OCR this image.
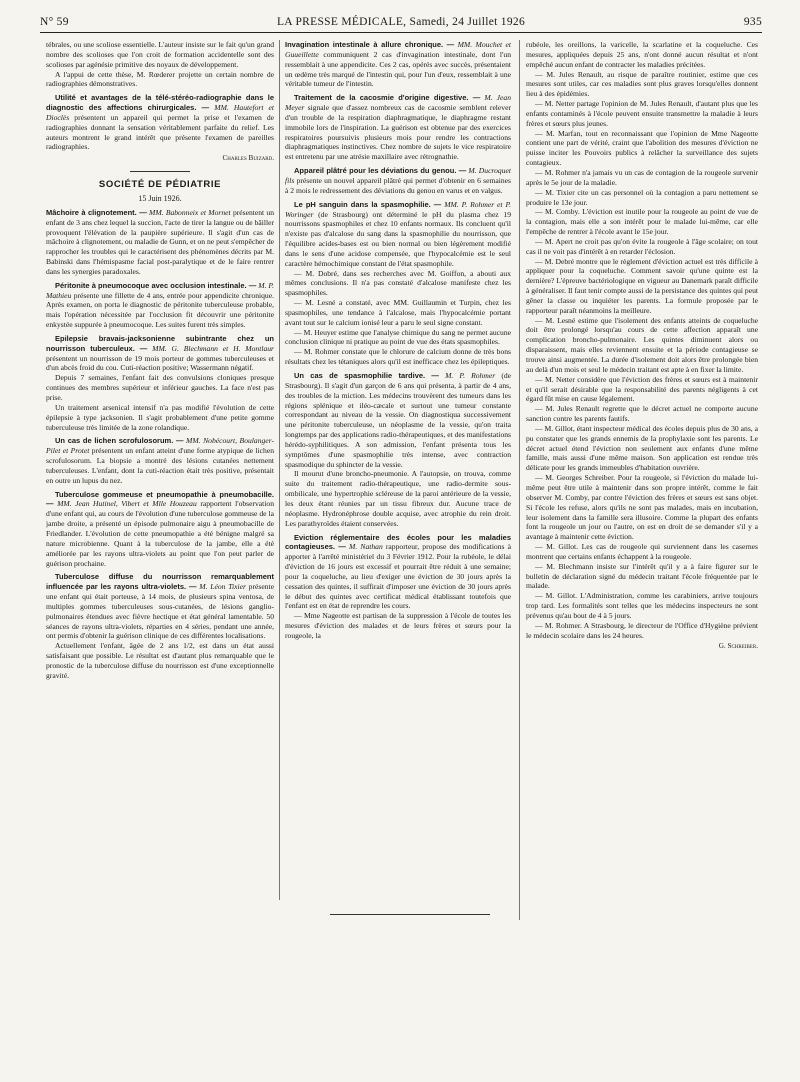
N° 59	LA PRESSE MÉDICALE, Samedi, 24 Juillet 1926	935

tébrales, ou une scoliose essentielle. L'auteur insiste sur le fait qu'un grand nombre des scolioses que l'on croit de formation accidentelle sont des scolioses par agénésie primitive des noyaux de développement.

A l'appui de cette thèse, M. Rœderer projette un certain nombre de radiographies démonstratives.

Utilité et avantages de la télé-stéréo-radiographie dans le diagnostic des affections chirurgicales. — MM. Hautefort et Dioclès présentent un appareil qui permet la prise et l'examen de radiographies donnant la sensation véritablement parfaite du relief. Les auteurs montrent le grand intérêt que présente l'examen de pareilles radiographies.

Charles Buizard.
SOCIÉTÉ DE PÉDIATRIE
15 Juin 1926.

Mâchoire à clignotement. — MM. Babonneix et Mornet présentent un enfant de 3 ans chez lequel la succion, l'acte de tirer la langue ou de bâiller provoquent l'élévation de la paupière supérieure. Il s'agit d'un cas de mâchoire à clignotement, ou maladie de Gunn, et on ne peut s'empêcher de rapprocher les troubles qui le caractérisent des phénomènes décrits par M. Babinski dans l'hémispasme facial post-paralytique et de le faire rentrer dans les synergies paradoxales.

Péritonite à pneumocoque avec occlusion intestinale. — M. P. Mathieu présente une fillette de 4 ans, entrée pour appendicite chronique. Après examen, on porta le diagnostic de péritonite tuberculeuse probable, mais l'opération nécessitée par l'occlusion fit découvrir une péritonite enkystée suppurée à pneumocoque. Les suites furent très simples.

Epilepsie bravais-jacksonienne subintrante chez un nourrisson tuberculeux. — MM. G. Blechmann et H. Montlaur présentent un nourrisson de 19 mois porteur de gommes tuberculeuses et d'un abcès froid du cou. Cuti-réaction positive; Wassermann négatif.

Depuis 7 semaines, l'enfant fait des convulsions cloniques presque continues des membres supérieur et inférieur gauches. La face n'est pas prise.

Un traitement arsenical intensif n'a pas modifié l'évolution de cette épilepsie à type jacksonien. Il s'agit probablement d'une petite gomme tuberculeuse très limitée de la zone rolandique.

Un cas de lichen scrofulosorum. — MM. Nobécourt, Boulanger-Pilet et Protet présentent un enfant atteint d'une forme atypique de lichen scrofulosorum. La biopsie a montré des lésions cutanées nettement tuberculeuses. L'enfant, dont la cuti-réaction était très positive, présentait en outre un lupus du nez.

Tuberculose gommeuse et pneumopathie à pneumobacille. — MM. Jean Hutinel, Vibert et Mlle Houzeau rapportent l'observation d'une enfant qui, au cours de l'évolution d'une tuberculose gommeuse de la jambe droite, a présenté un épisode pulmonaire aigu à pneumobacille de Friedlander. L'évolution de cette pneumopathie a été bénigne malgré sa nature microbienne. Quant à la tuberculose de la jambe, elle a été améliorée par les rayons ultra-violets au point que l'on peut parler de guérison prochaine.

Tuberculose diffuse du nourrisson remarquablement influencée par les rayons ultra-violets. — M. Léon Tixier présente une enfant qui était porteuse, à 14 mois, de plusieurs spina ventosa, de multiples gommes tuberculeuses sous-cutanées, de lésions ganglio-pulmonaires étendues avec fièvre hectique et état général lamentable. 50 séances de rayons ultra-violets, réparties en 4 séries, pendant une année, ont permis d'obtenir la guérison clinique de ces différentes localisations.

Actuellement l'enfant, âgée de 2 ans 1/2, est dans un état aussi satisfaisant que possible. Le résultat est d'autant plus remarquable que le pronostic de la tuberculose diffuse du nourrisson est d'une exceptionnelle gravité.

Invagination intestinale à allure chronique. — MM. Mouchet et Guueillette communiquent 2 cas d'invagination intestinale, dont l'un ressemblait à une appendicite. Ces 2 cas, opérés avec succès, présentaient un œdème très marqué de l'intestin qui, pour l'un d'eux, ressemblait à une véritable tumeur de l'intestin.

Traitement de la cacosmie d'origine digestive. — M. Jean Meyer signale que d'assez nombreux cas de cacosmie semblent relever d'un trouble de la respiration diaphragmatique, le diaphragme restant immobile lors de l'inspiration. La guérison est obtenue par des exercices respiratoires poursuivis plusieurs mois pour rendre les contractions diaphragmatiques instinctives. Chez nombre de sujets le vice respiratoire est entretenu par une atrésie maxillaire avec rétrognathie.

Appareil plâtré pour les déviations du genou. — M. Ducroquet fils présente un nouvel appareil plâtré qui permet d'obtenir en 6 semaines à 2 mois le redressement des déviations du genou en varus et en valgus.

Le pH sanguin dans la spasmophilie. — MM. P. Rohmer et P. Woringer (de Strasbourg) ont déterminé le pH du plasma chez 19 nourrissons spasmophiles et chez 10 enfants normaux. Ils concluent qu'il n'existe pas d'alcalose du sang dans la spasmophilie du nourrisson, que l'équilibre acides-bases est ou bien normal ou bien légèrement modifié dans le sens d'une acidose compensée, que l'hypocalcémie est le seul caractère hémochimique constant de l'état spasmophile.

— M. Dobré, dans ses recherches avec M. Goiffon, a abouti aux mêmes conclusions. Il n'a pas constaté d'alcalose manifeste chez les spasmophiles.

— M. Lesné a constaté, avec MM. Guillaumin et Turpin, chez les spasmophiles, une tendance à l'alcalose, mais l'hypocalcémie portant avant tout sur le calcium ionisé leur a paru le seul signe constant.

— M. Heuyer estime que l'analyse chimique du sang ne permet aucune conclusion clinique ni pratique au point de vue des états spasmophiles.

— M. Rohmer constate que le chlorure de calcium donne de très bons résultats chez les tétaniques alors qu'il est inefficace chez les épileptiques.

Un cas de spasmophilie tardive. — M. P. Rohmer (de Strasbourg). Il s'agit d'un garçon de 6 ans qui présenta, à partir de 4 ans, des troubles de la miction. Les médecins trouvèrent des tumeurs dans les régions splénique et iléo-cæcale et surtout une tumeur constante correspondant au niveau de la vessie. On diagnostiqua successivement une péritonite tuberculeuse, un néoplasme de la vessie, qu'on traita longtemps par des applications radio-thérapeutiques, et des manifestations hérédo-syphilitiques. A son admission, l'enfant présenta tous les symptômes d'une spasmophilie très intense, avec contraction spasmodique du sphincter de la vessie.

Il mourut d'une broncho-pneumonie. A l'autopsie, on trouva, comme suite du traitement radio-thérapeutique, une radio-dermite sous-ombilicale, une hypertrophie scléreuse de la paroi antérieure de la vessie, les deux étant réunies par un tissu fibreux dur. Aucune trace de néoplasme. Hydronéphrose double acquise, avec atrophie du rein droit. Les parathyroïdes étaient conservées.

Eviction réglementaire des écoles pour les maladies contagieuses. — M. Nathan rapporteur, propose des modifications à apporter à l'arrêté ministériel du 3 Février 1912. Pour la rubéole, le délai d'éviction de 16 jours est excessif et pourrait être réduit à une semaine; pour la coqueluche, au lieu d'exiger une éviction de 30 jours après la cessation des quintes, il suffirait d'imposer une éviction de 30 jours après le début des quintes avec certificat médical établissant toutefois que l'enfant est en état de reprendre les cours.

— Mme Nageotte est partisan de la suppression à l'école de toutes les mesures d'éviction des malades et de leurs frères et sœurs pour la rougeole, la

rubéole, les oreillons, la varicelle, la scarlatine et la coqueluche. Ces mesures, appliquées depuis 25 ans, n'ont donné aucun résultat et n'ont empêché aucun enfant de contracter les maladies précitées.

— M. Jules Renault, au risque de paraître routinier, estime que ces mesures sont utiles, car ces maladies sont plus graves lorsqu'elles donnent lieu à des épidémies.

— M. Netter partage l'opinion de M. Jules Renault, d'autant plus que les enfants contaminés à l'école peuvent ensuite transmettre la maladie à leurs frères et sœurs plus jeunes.

— M. Marfan, tout en reconnaissant que l'opinion de Mme Nageotte contient une part de vérité, craint que l'abolition des mesures d'éviction ne puisse inciter les Pouvoirs publics à relâcher la surveillance des sujets contagieux.

— M. Rohmer n'a jamais vu un cas de contagion de la rougeole survenir après le 5e jour de la maladie.

— M. Tixier cite un cas personnel où la contagion a paru nettement se produire le 13e jour.

— M. Comby. L'éviction est inutile pour la rougeole au point de vue de la contagion, mais elle a son intérêt pour le malade lui-même, car elle l'empêche de rentrer à l'école avant le 15e jour.

— M. Apert ne croit pas qu'on évite la rougeole à l'âge scolaire; on tout cas il ne voit pas d'intérêt à en retarder l'éclosion.

— M. Debré montre que le règlement d'éviction actuel est très difficile à appliquer pour la coqueluche. Comment savoir qu'une quinte est la dernière? L'épreuve bactériologique en vigueur au Danemark paraît difficile à généraliser. Il faut tenir compte aussi de la persistance des quintes qui peut gêner la classe ou inquiéter les parents. La formule proposée par le rapporteur paraît néanmoins la meilleure.

— M. Lesné estime que l'isolement des enfants atteints de coqueluche doit être prolongé lorsqu'au cours de cette affection apparaît une complication broncho-pulmonaire. Les quintes diminuent alors ou disparaissent, mais elles reviennent ensuite et la période contagieuse se trouve ainsi augmentée. La durée d'isolement doit alors être prolongée bien au delà d'un mois et seul le médecin traitant est apte à en fixer la limite.

— M. Netter considère que l'éviction des frères et sœurs est à maintenir et qu'il serait désirable que la responsabilité des parents négligents à cet égard fût mise en cause légalement.

— M. Jules Renault regrette que le décret actuel ne comporte aucune sanction contre les parents fautifs.

— M. Gillot, étant inspecteur médical des écoles depuis plus de 30 ans, a pu constater que les grands ennemis de la prophylaxie sont les parents. Le décret actuel étend l'éviction non seulement aux enfants d'une même famille, mais aussi d'une même maison. Son application est rendue très délicate pour les grands immeubles d'habitation ouvrière.

— M. Georges Schreiber. Pour la rougeole, si l'éviction du malade lui-même peut être utile à maintenir dans son propre intérêt, comme le fait observer M. Comby, par contre l'éviction des frères et sœurs est sans objet. Si l'école les refuse, alors qu'ils ne sont pas malades, mais en incubation, leur isolement dans la famille sera illusoire. Comme la plupart des enfants font la rougeole un jour ou l'autre, on est en droit de se demander s'il y a avantage à maintenir cette éviction.

— M. Gillot. Les cas de rougeole qui surviennent dans les casernes montrent que certains enfants échappent à la rougeole.

— M. Blechmann insiste sur l'intérêt qu'il y a à faire figurer sur le bulletin de déclaration signé du médecin traitant l'école fréquentée par le malade.

— M. Gillot. L'Administration, comme les carabiniers, arrive toujours trop tard. Les formalités sont telles que les médecins inspecteurs ne sont prévenus qu'au bout de 4 à 5 jours.

— M. Rohmer. A Strasbourg, le directeur de l'Office d'Hygiène prévient le médecin scolaire dans les 24 heures.

G. Schreiber.
